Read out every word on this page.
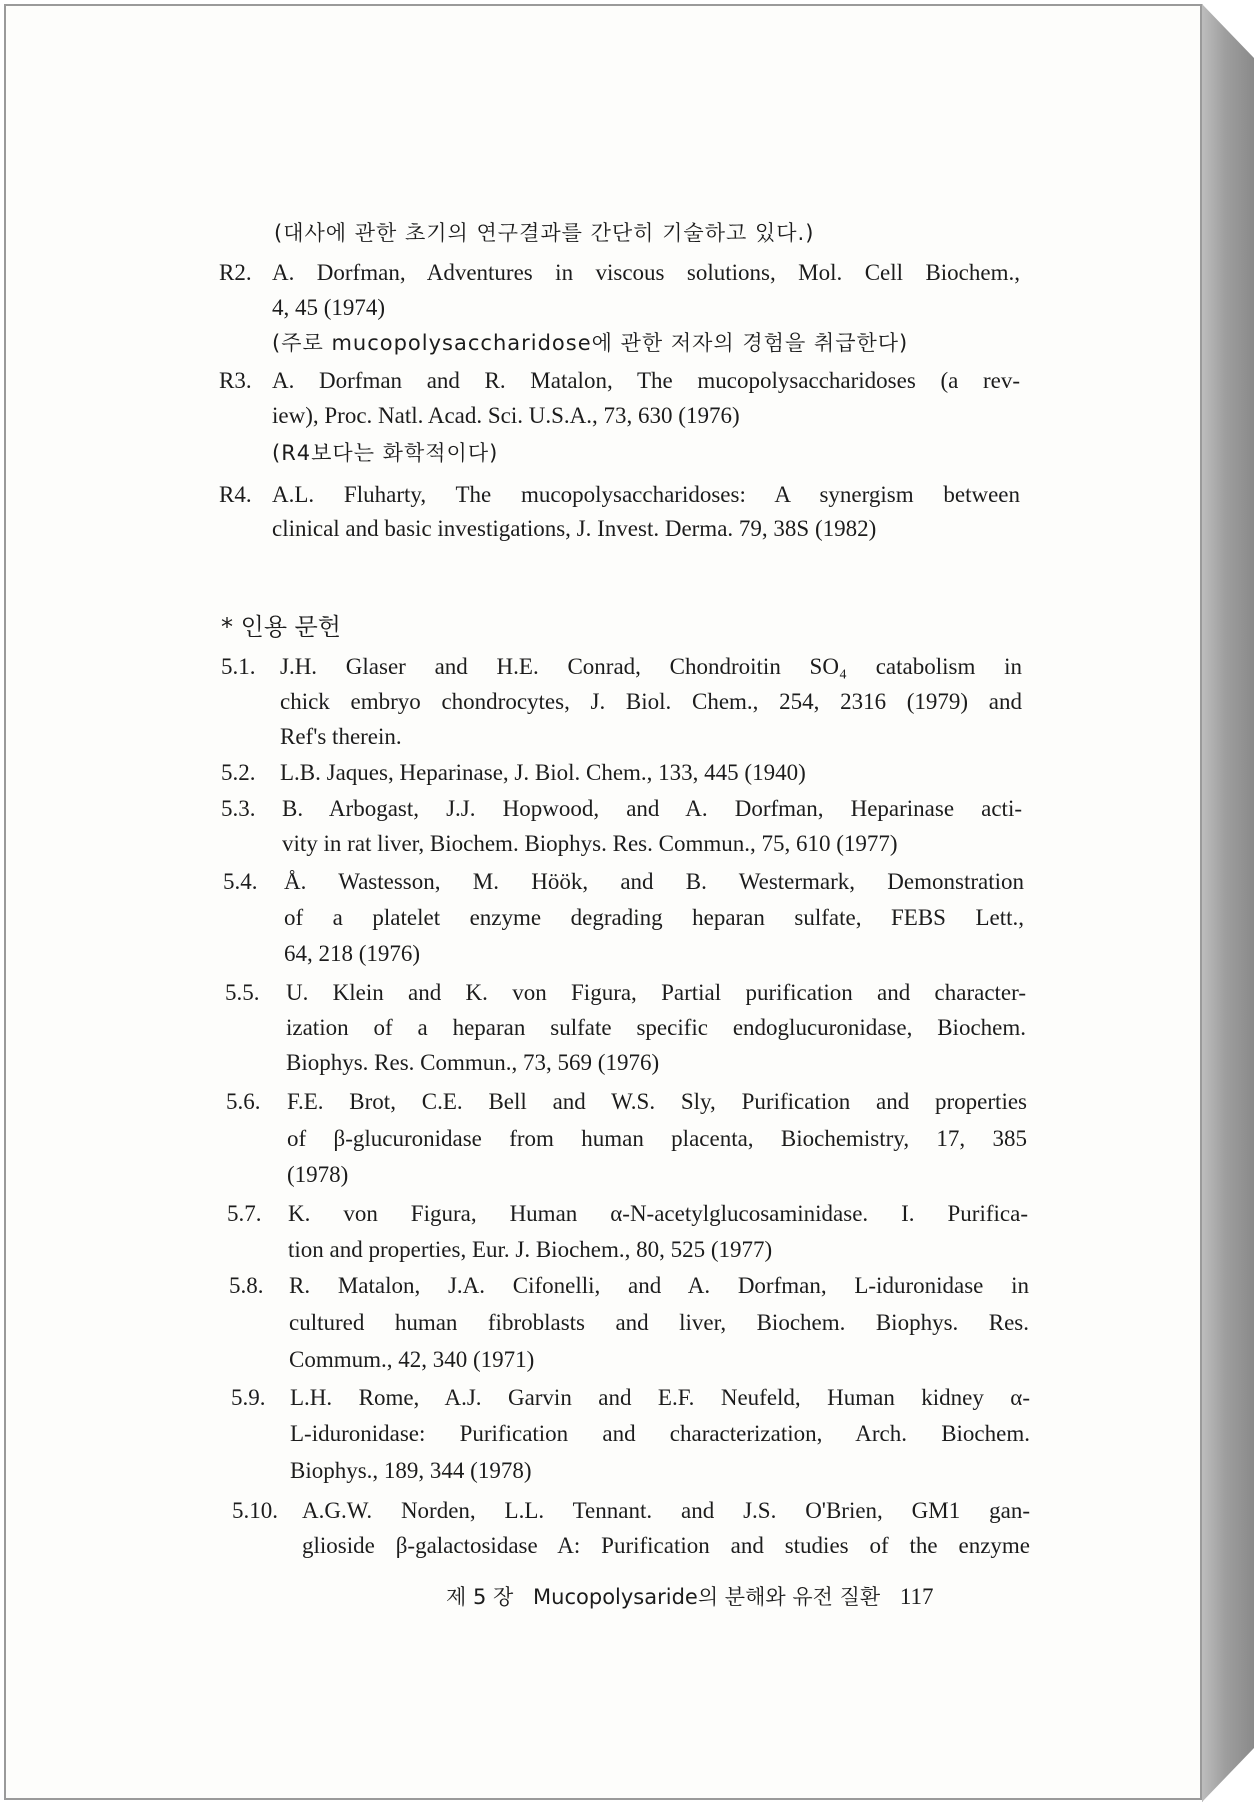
(대사에 관한 초기의 연구결과를 간단히 기술하고 있다.)
R2. A. Dorfman, Adventures in viscous solutions, Mol. Cell Biochem.,
4, 45 (1974)
(주로 mucopolysaccharidose에 관한 저자의 경험을 취급한다)
R3. A. Dorfman and R. Matalon, The mucopolysaccharidoses (a rev-
iew), Proc. Natl. Acad. Sci. U.S.A., 73, 630 (1976)
(R4보다는 화학적이다)
R4. A.L. Fluharty, The mucopolysaccharidoses: A synergism between
clinical and basic investigations, J. Invest. Derma. 79, 38S (1982)
* 인용 문헌
5.1. J.H. Glaser and H.E. Conrad, Chondroitin SO₄ catabolism in
chick embryo chondrocytes, J. Biol. Chem., 254, 2316 (1979) and
Ref's therein.
5.2. L.B. Jaques, Heparinase, J. Biol. Chem., 133, 445 (1940)
5.3. B. Arbogast, J.J. Hopwood, and A. Dorfman, Heparinase acti-
vity in rat liver, Biochem. Biophys. Res. Commun., 75, 610 (1977)
5.4. Å. Wastesson, M. Höök, and B. Westermark, Demonstration
of a platelet enzyme degrading heparan sulfate, FEBS Lett.,
64, 218 (1976)
5.5. U. Klein and K. von Figura, Partial purification and character-
ization of a heparan sulfate specific endoglucuronidase, Biochem.
Biophys. Res. Commun., 73, 569 (1976)
5.6. F.E. Brot, C.E. Bell and W.S. Sly, Purification and properties
of β-glucuronidase from human placenta, Biochemistry, 17, 385
(1978)
5.7. K. von Figura, Human α-N-acetylglucosaminidase. I. Purifica-
tion and properties, Eur. J. Biochem., 80, 525 (1977)
5.8. R. Matalon, J.A. Cifonelli, and A. Dorfman, L-iduronidase in
cultured human fibroblasts and liver, Biochem. Biophys. Res.
Commum., 42, 340 (1971)
5.9. L.H. Rome, A.J. Garvin and E.F. Neufeld, Human kidney α-
L-iduronidase: Purification and characterization, Arch. Biochem.
Biophys., 189, 344 (1978)
5.10. A.G.W. Norden, L.L. Tennant. and J.S. O'Brien, GM1 gan-
glioside β-galactosidase A: Purification and studies of the enzyme
제 5 장 Mucopolysaride의 분해와 유전 질환 117
